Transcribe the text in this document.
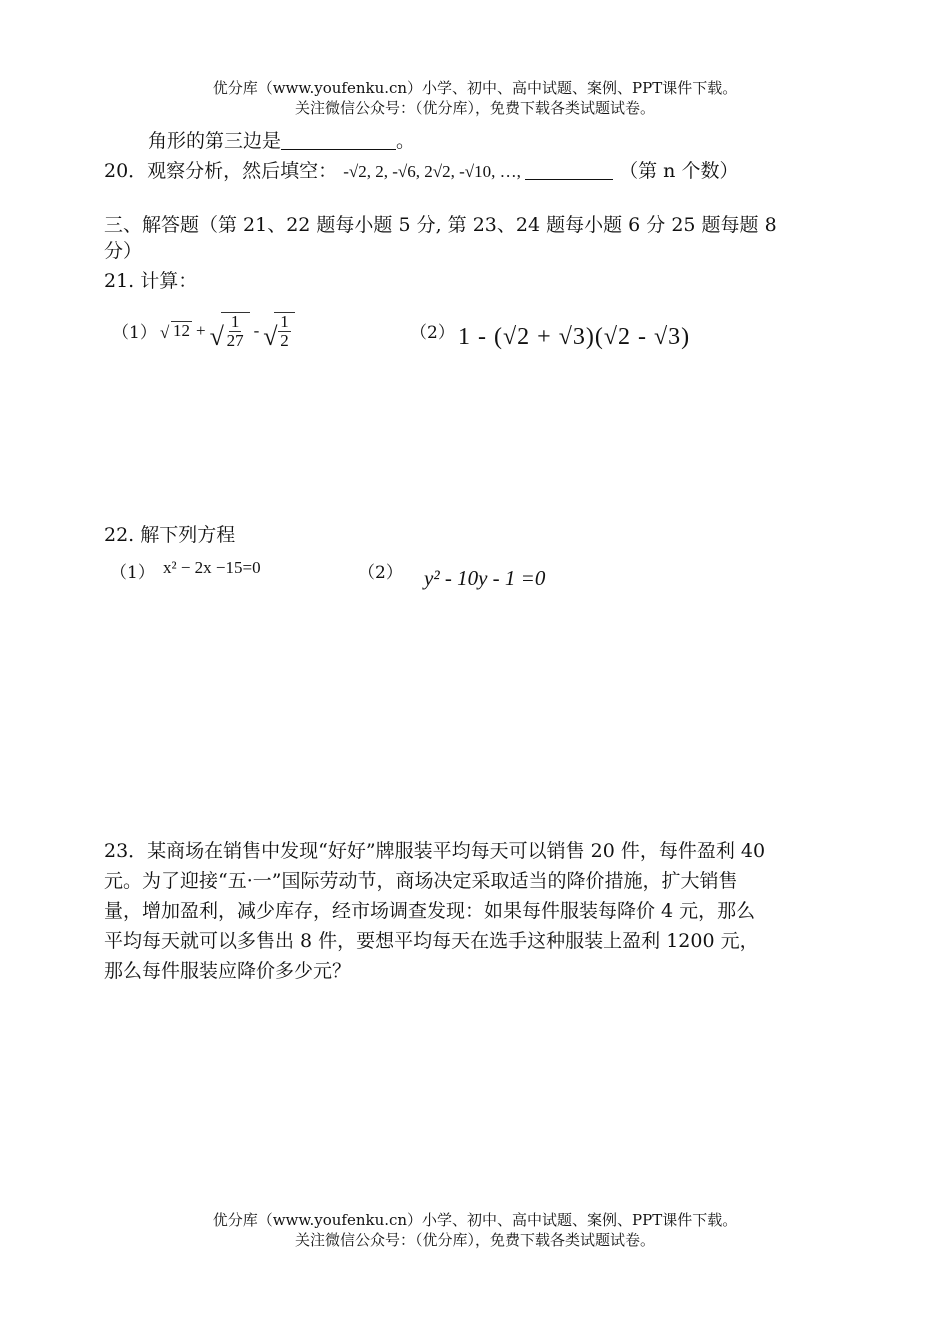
优分库（www.youfenku.cn）小学、初中、高中试题、案例、PPT课件下载。
关注微信公众号：（优分库），免费下载各类试题试卷。
角形的第三边是	。
20．观察分析，然后填空： -√2, 2, -√6, 2√2, -√10, …,	（第 n 个数）
三、解答题（第 21、22 题每小题 5 分, 第 23、24 题每小题 6 分 25 题每题 8
分）
21. 计算：
（1） √ 12 + √ $\frac{1}{27}$ - √ $\frac{1}{2}$	（2） 1 - (√2 + √3)(√2 - √3)
22. 解下列方程
（1） x² − 2x −15=0	（2） y² - 10y - 1 =0
23．某商场在销售中发现“好好”牌服装平均每天可以销售 20 件，每件盈利 40
元。为了迎接“五·一”国际劳动节，商场决定采取适当的降价措施，扩大销售
量，增加盈利，减少库存，经市场调查发现：如果每件服装每降价 4 元，那么
平均每天就可以多售出 8 件，要想平均每天在选手这种服装上盈利 1200 元，
那么每件服装应降价多少元？
优分库（www.youfenku.cn）小学、初中、高中试题、案例、PPT课件下载。
关注微信公众号：（优分库），免费下载各类试题试卷。
